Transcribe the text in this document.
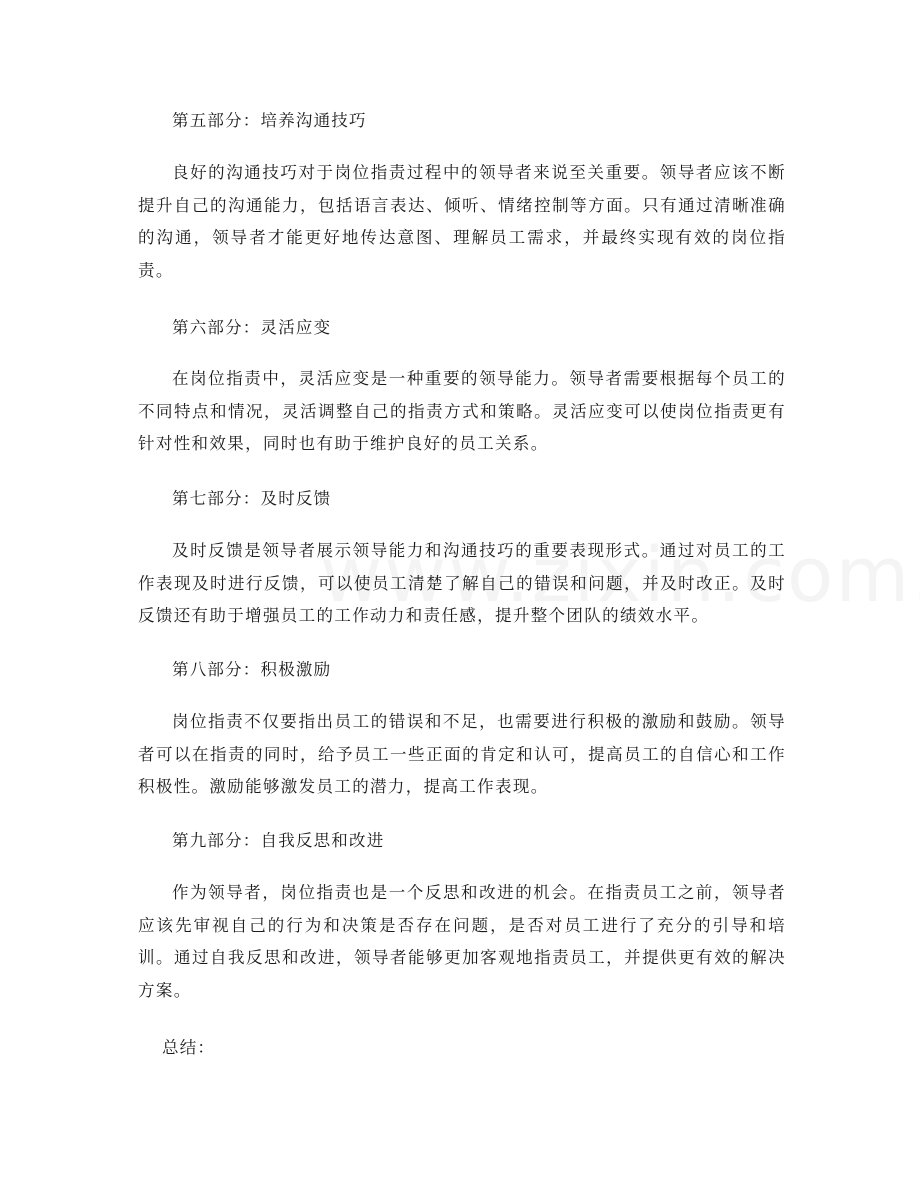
第五部分：培养沟通技巧
良好的沟通技巧对于岗位指责过程中的领导者来说至关重要。领导者应该不断提升自己的沟通能力，包括语言表达、倾听、情绪控制等方面。只有通过清晰准确的沟通，领导者才能更好地传达意图、理解员工需求，并最终实现有效的岗位指责。
第六部分：灵活应变
在岗位指责中，灵活应变是一种重要的领导能力。领导者需要根据每个员工的不同特点和情况，灵活调整自己的指责方式和策略。灵活应变可以使岗位指责更有针对性和效果，同时也有助于维护良好的员工关系。
第七部分：及时反馈
及时反馈是领导者展示领导能力和沟通技巧的重要表现形式。通过对员工的工作表现及时进行反馈，可以使员工清楚了解自己的错误和问题，并及时改正。及时反馈还有助于增强员工的工作动力和责任感，提升整个团队的绩效水平。
第八部分：积极激励
岗位指责不仅要指出员工的错误和不足，也需要进行积极的激励和鼓励。领导者可以在指责的同时，给予员工一些正面的肯定和认可，提高员工的自信心和工作积极性。激励能够激发员工的潜力，提高工作表现。
第九部分：自我反思和改进
作为领导者，岗位指责也是一个反思和改进的机会。在指责员工之前，领导者应该先审视自己的行为和决策是否存在问题，是否对员工进行了充分的引导和培训。通过自我反思和改进，领导者能够更加客观地指责员工，并提供更有效的解决方案。
总结：
